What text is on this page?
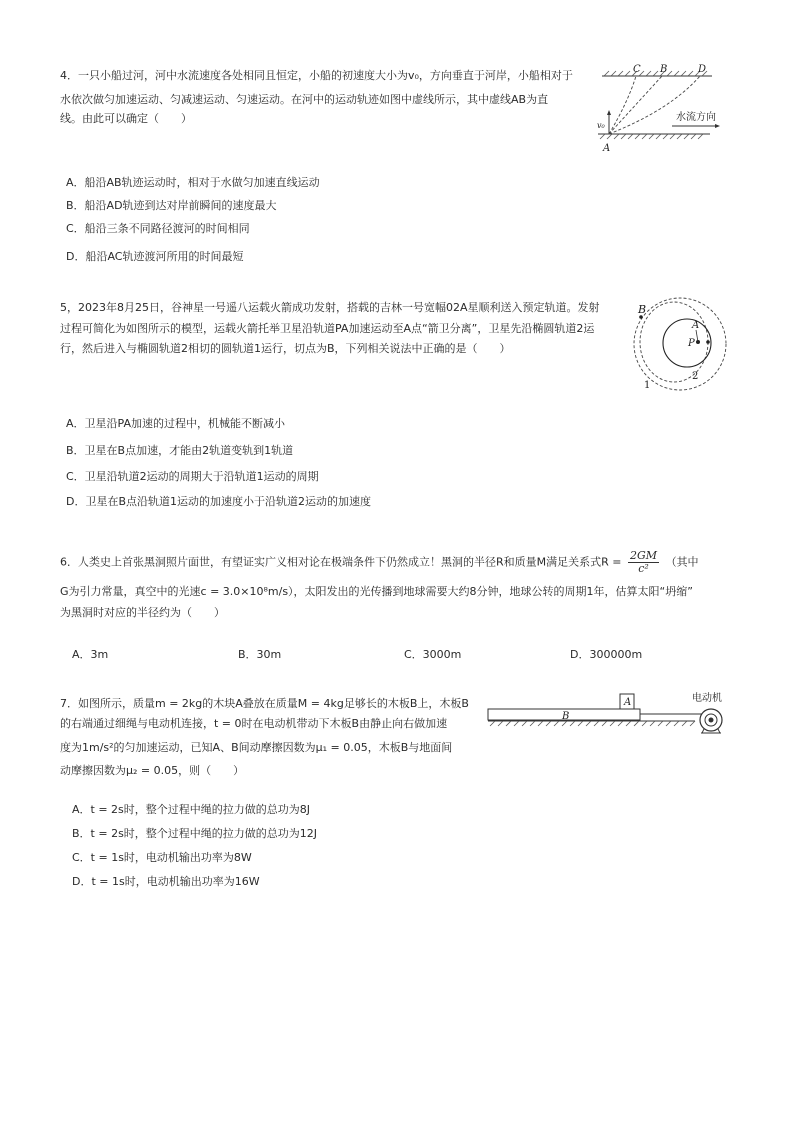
4．一只小船过河，河中水流速度各处相同且恒定，小船的初速度大小为v₀，方向垂直于河岸，小船相对于
水依次做匀加速运动、匀减速运动、匀速运动。在河中的运动轨迹如图中虚线所示，其中虚线AB为直
线。由此可以确定（　　）
C B	D
A
v₀
水流方向
A．船沿AB轨迹运动时，相对于水做匀加速直线运动
B．船沿AD轨迹到达对岸前瞬间的速度最大
C．船沿三条不同路径渡河的时间相同
D．船沿AC轨迹渡河所用的时间最短
5，2023年8月25日，谷神星一号遥八运载火箭成功发射，搭载的吉林一号宽幅02A星顺利送入预定轨道。发射
过程可简化为如图所示的模型，运载火箭托举卫星沿轨道PA加速运动至A点“箭卫分离”，卫星先沿椭圆轨道2运
行，然后进入与椭圆轨道2相切的圆轨道1运行，切点为B，下列相关说法中正确的是（　　）
B
A
P
2
1
A．卫星沿PA加速的过程中，机械能不断减小
B．卫星在B点加速，才能由2轨道变轨到1轨道
C．卫星沿轨道2运动的周期大于沿轨道1运动的周期
D．卫星在B点沿轨道1运动的加速度小于沿轨道2运动的加速度
6．人类史上首张黑洞照片面世，有望证实广义相对论在极端条件下仍然成立！黑洞的半径R和质量M满足关系式$R = \frac{2GM}{\text{c²}}$ （其中
G为引力常量，真空中的光速c = 3.0×10⁸m/s），太阳发出的光传播到地球需要大约8分钟，地球公转的周期1年，估算太阳“坍缩”
为黑洞时对应的半径约为（　　）
A．3m	B．30m	C．3000m	D．300000m
7．如图所示，质量m = 2kg的木块A叠放在质量M = 4kg足够长的木板B上，木板B
的右端通过细绳与电动机连接，t = 0时在电动机带动下木板B由静止向右做加速
度为1m/s²的匀加速运动，已知A、B间动摩擦因数为μ₁ = 0.05，木板B与地面间
动摩擦因数为μ₂ = 0.05，则（　　）
A
B
电动机
A．t = 2s时，整个过程中绳的拉力做的总功为8J
B．t = 2s时，整个过程中绳的拉力做的总功为12J
C．t = 1s时，电动机输出功率为8W
D．t = 1s时，电动机输出功率为16W
